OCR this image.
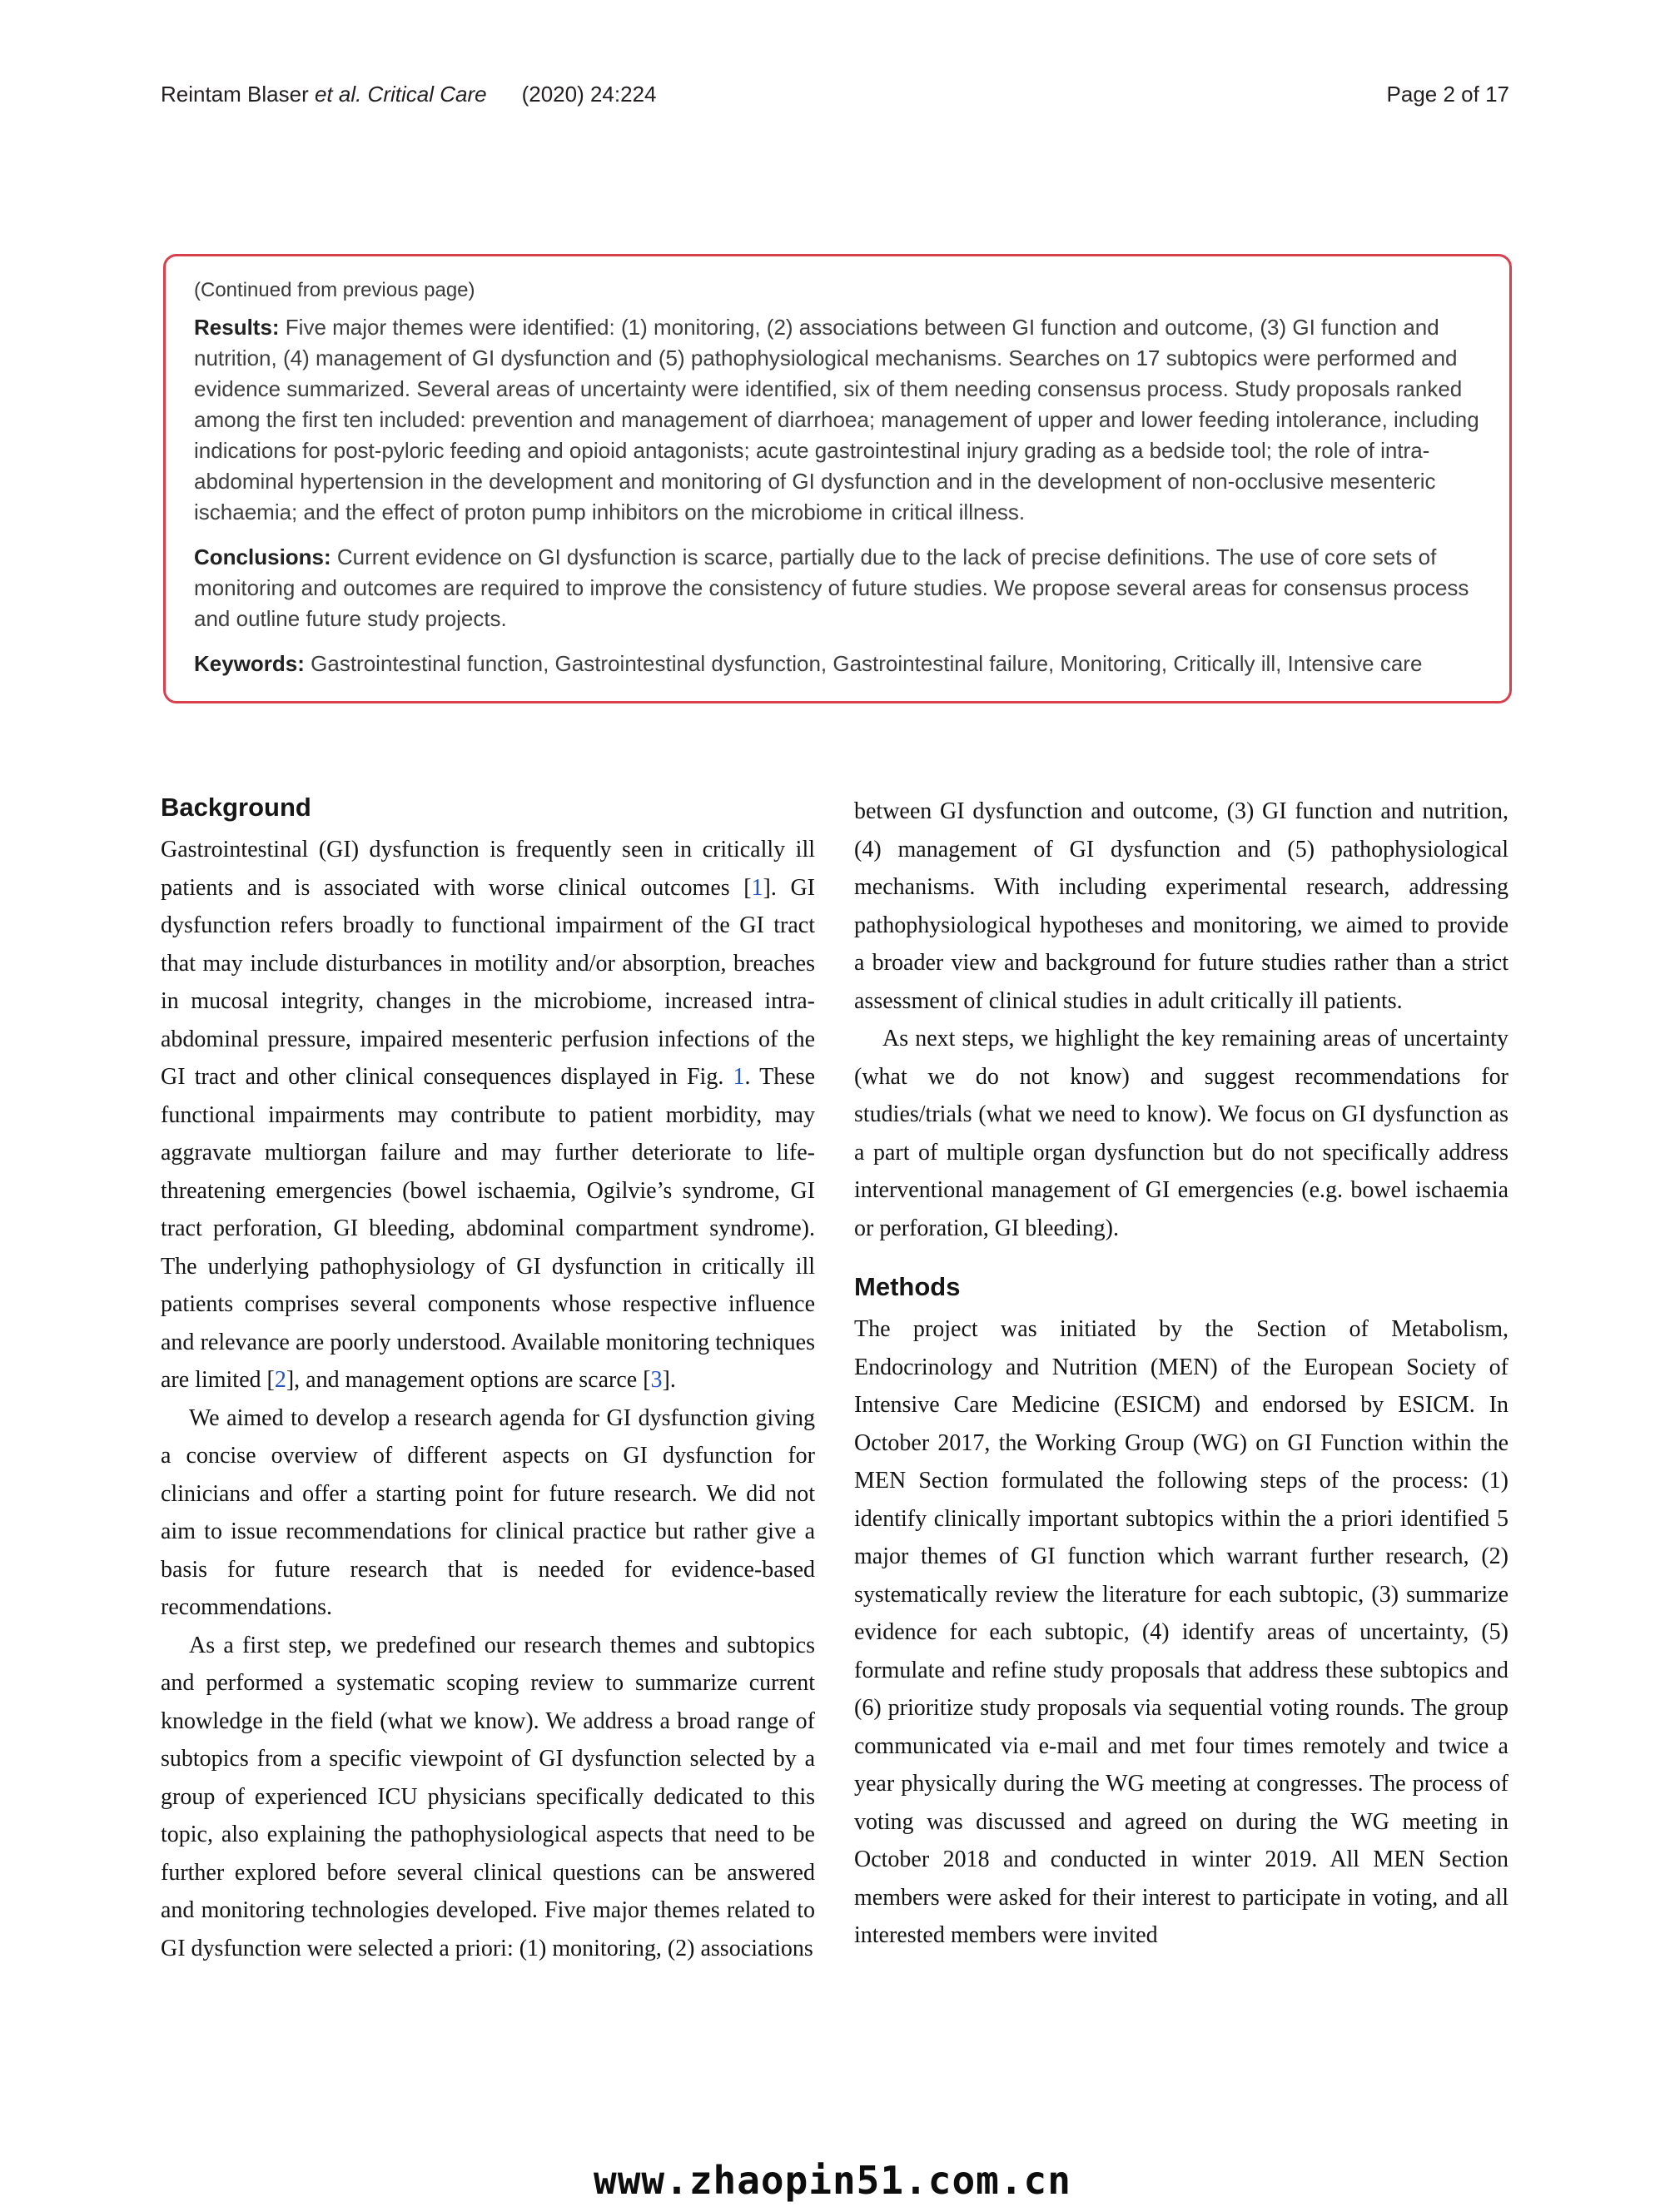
Reintam Blaser et al. Critical Care (2020) 24:224	Page 2 of 17

(Continued from previous page)

Results: Five major themes were identified: (1) monitoring, (2) associations between GI function and outcome, (3) GI function and nutrition, (4) management of GI dysfunction and (5) pathophysiological mechanisms. Searches on 17 subtopics were performed and evidence summarized. Several areas of uncertainty were identified, six of them needing consensus process. Study proposals ranked among the first ten included: prevention and management of diarrhoea; management of upper and lower feeding intolerance, including indications for post-pyloric feeding and opioid antagonists; acute gastrointestinal injury grading as a bedside tool; the role of intra-abdominal hypertension in the development and monitoring of GI dysfunction and in the development of non-occlusive mesenteric ischaemia; and the effect of proton pump inhibitors on the microbiome in critical illness.

Conclusions: Current evidence on GI dysfunction is scarce, partially due to the lack of precise definitions. The use of core sets of monitoring and outcomes are required to improve the consistency of future studies. We propose several areas for consensus process and outline future study projects.

Keywords: Gastrointestinal function, Gastrointestinal dysfunction, Gastrointestinal failure, Monitoring, Critically ill, Intensive care

Background

Gastrointestinal (GI) dysfunction is frequently seen in critically ill patients and is associated with worse clinical outcomes [1]. GI dysfunction refers broadly to functional impairment of the GI tract that may include disturbances in motility and/or absorption, breaches in mucosal integrity, changes in the microbiome, increased intra-abdominal pressure, impaired mesenteric perfusion infections of the GI tract and other clinical consequences displayed in Fig. 1. These functional impairments may contribute to patient morbidity, may aggravate multiorgan failure and may further deteriorate to life-threatening emergencies (bowel ischaemia, Ogilvie’s syndrome, GI tract perforation, GI bleeding, abdominal compartment syndrome). The underlying pathophysiology of GI dysfunction in critically ill patients comprises several components whose respective influence and relevance are poorly understood. Available monitoring techniques are limited [2], and management options are scarce [3].

We aimed to develop a research agenda for GI dysfunction giving a concise overview of different aspects on GI dysfunction for clinicians and offer a starting point for future research. We did not aim to issue recommendations for clinical practice but rather give a basis for future research that is needed for evidence-based recommendations.

As a first step, we predefined our research themes and subtopics and performed a systematic scoping review to summarize current knowledge in the field (what we know). We address a broad range of subtopics from a specific viewpoint of GI dysfunction selected by a group of experienced ICU physicians specifically dedicated to this topic, also explaining the pathophysiological aspects that need to be further explored before several clinical questions can be answered and monitoring technologies developed. Five major themes related to GI dysfunction were selected a priori: (1) monitoring, (2) associations

between GI dysfunction and outcome, (3) GI function and nutrition, (4) management of GI dysfunction and (5) pathophysiological mechanisms. With including experimental research, addressing pathophysiological hypotheses and monitoring, we aimed to provide a broader view and background for future studies rather than a strict assessment of clinical studies in adult critically ill patients.

As next steps, we highlight the key remaining areas of uncertainty (what we do not know) and suggest recommendations for studies/trials (what we need to know). We focus on GI dysfunction as a part of multiple organ dysfunction but do not specifically address interventional management of GI emergencies (e.g. bowel ischaemia or perforation, GI bleeding).

Methods

The project was initiated by the Section of Metabolism, Endocrinology and Nutrition (MEN) of the European Society of Intensive Care Medicine (ESICM) and endorsed by ESICM. In October 2017, the Working Group (WG) on GI Function within the MEN Section formulated the following steps of the process: (1) identify clinically important subtopics within the a priori identified 5 major themes of GI function which warrant further research, (2) systematically review the literature for each subtopic, (3) summarize evidence for each subtopic, (4) identify areas of uncertainty, (5) formulate and refine study proposals that address these subtopics and (6) prioritize study proposals via sequential voting rounds. The group communicated via e-mail and met four times remotely and twice a year physically during the WG meeting at congresses. The process of voting was discussed and agreed on during the WG meeting in October 2018 and conducted in winter 2019. All MEN Section members were asked for their interest to participate in voting, and all interested members were invited

www.zhaopin51.com.cn
